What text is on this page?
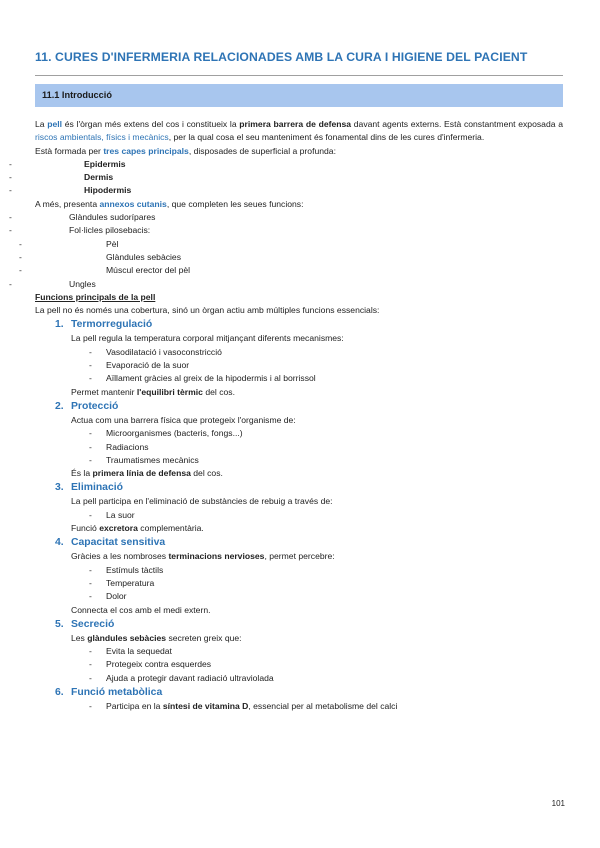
11. CURES D'INFERMERIA RELACIONADES AMB LA CURA I HIGIENE DEL PACIENT
11.1 Introducció

La pell és l'òrgan més extens del cos i constitueix la primera barrera de defensa davant agents externs. Està constantment exposada a riscos ambientals, físics i mecànics, per la qual cosa el seu manteniment és fonamental dins de les cures d'infermeria.

Està formada per tres capes principals, disposades de superficial a profunda:

- Epidermis
- Dermis
- Hipodermis

A més, presenta annexos cutanis, que completen les seues funcions:

- Glàndules sudorípares
- Fol·licles pilosebacis:
- Pèl
- Glàndules sebàcies
- Múscul erector del pèl
- Ungles

Funcions principals de la pell

La pell no és només una cobertura, sinó un òrgan actiu amb múltiples funcions essencials:

1. Termorregulació

La pell regula la temperatura corporal mitjançant diferents mecanismes:

- Vasodilatació i vasoconstricció
- Evaporació de la suor
- Aïllament gràcies al greix de la hipodermis i al borrissol

Permet mantenir l'equilibri tèrmic del cos.

2. Protecció

Actua com una barrera física que protegeix l'organisme de:

- Microorganismes (bacteris, fongs...)
- Radiacions
- Traumatismes mecànics

És la primera línia de defensa del cos.

3. Eliminació

La pell participa en l'eliminació de substàncies de rebuig a través de:

- La suor

Funció excretora complementària.

4. Capacitat sensitiva

Gràcies a les nombroses terminacions nervioses, permet percebre:

- Estímuls tàctils
- Temperatura
- Dolor

Connecta el cos amb el medi extern.

5. Secreció

Les glàndules sebàcies secreten greix que:

- Evita la sequedat
- Protegeix contra esquerdes
- Ajuda a protegir davant radiació ultraviolada
6. Funció metabòlica
- Participa en la síntesi de vitamina D, essencial per al metabolisme del calci
101
